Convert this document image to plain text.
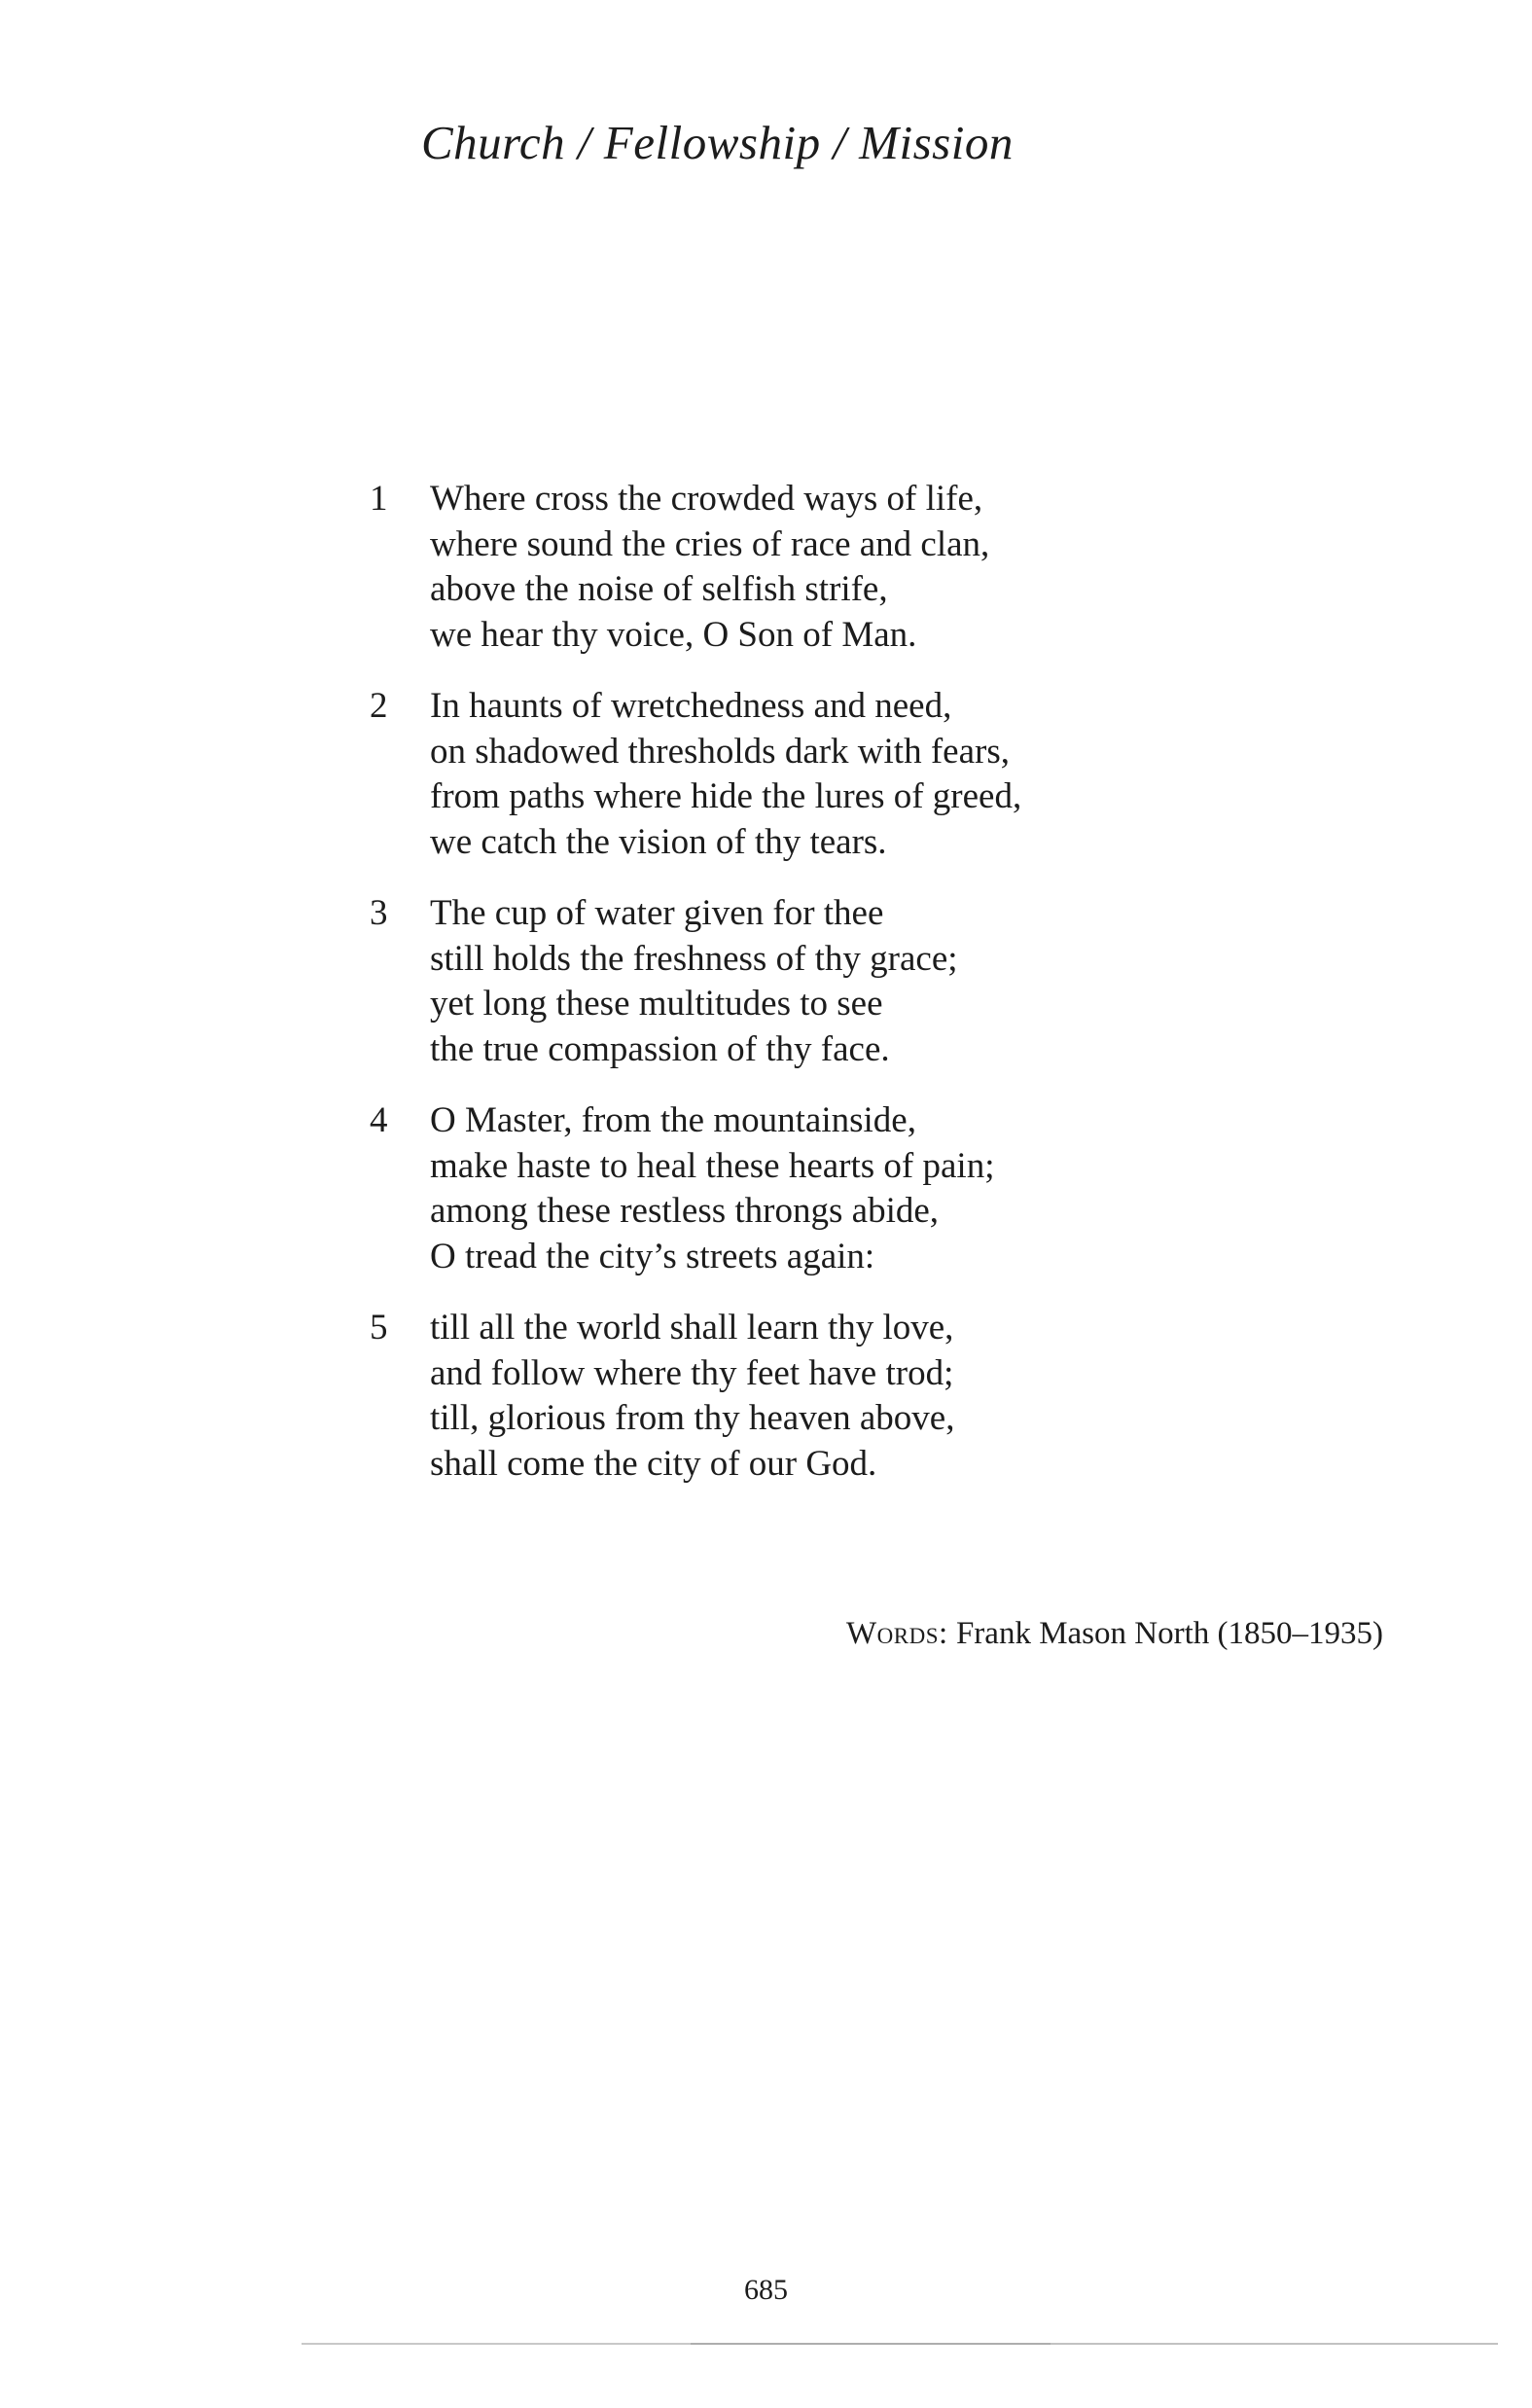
Church / Fellowship / Mission
1	Where cross the crowded ways of life,
where sound the cries of race and clan,
above the noise of selfish strife,
we hear thy voice, O Son of Man.
2	In haunts of wretchedness and need,
on shadowed thresholds dark with fears,
from paths where hide the lures of greed,
we catch the vision of thy tears.
3	The cup of water given for thee
still holds the freshness of thy grace;
yet long these multitudes to see
the true compassion of thy face.
4	O Master, from the mountainside,
make haste to heal these hearts of pain;
among these restless throngs abide,
O tread the city’s streets again:
5	till all the world shall learn thy love,
and follow where thy feet have trod;
till, glorious from thy heaven above,
shall come the city of our God.
Words: Frank Mason North (1850–1935)
685
